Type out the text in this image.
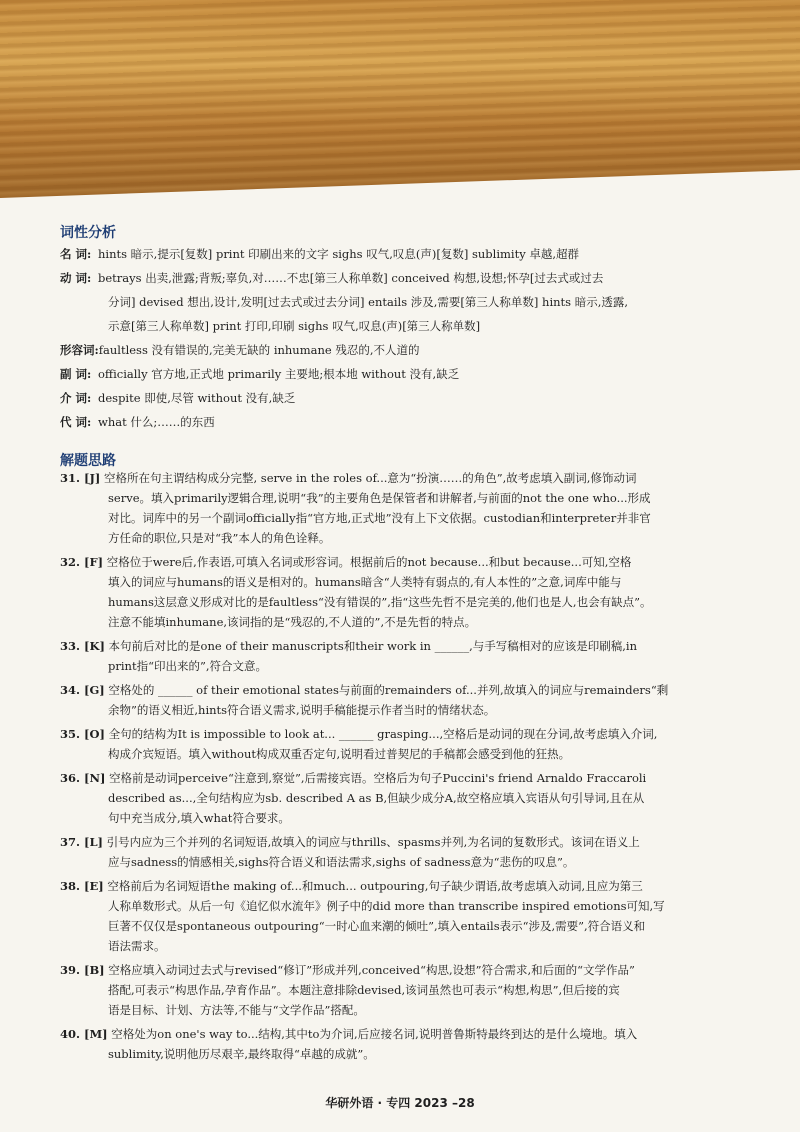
词性分析
名 词: hints 暗示,提示[复数] print 印刷出来的文字 sighs 叹气,叹息(声)[复数] sublimity 卓越,超群
动 词: betrays 出卖,泄露;背叛;辜负,对……不忠[第三人称单数] conceived 构想,设想;怀孕[过去式或过去
分词] devised 想出,设计,发明[过去式或过去分词] entails 涉及,需要[第三人称单数] hints 暗示,透露,
示意[第三人称单数] print 打印,印刷 sighs 叹气,叹息(声)[第三人称单数]
形容词:faultless 没有错误的,完美无缺的 inhumane 残忍的,不人道的
副 词: officially 官方地,正式地 primarily 主要地;根本地 without 没有,缺乏
介 词: despite 即使,尽管 without 没有,缺乏
代 词: what 什么;……的东西
解题思路
31. [J] 空格所在句主谓结构成分完整, serve in the roles of...意为“扮演……的角色”,故考虑填入副词,修饰动词
serve。填入primarily逻辑合理,说明“我”的主要角色是保管者和讲解者,与前面的not the one who...形成
对比。词库中的另一个副词officially指“官方地,正式地”没有上下文依据。custodian和interpreter并非官
方任命的职位,只是对“我”本人的角色诠释。
32. [F] 空格位于were后,作表语,可填入名词或形容词。根据前后的not because...和but because...可知,空格
填入的词应与humans的语义是相对的。humans暗含“人类特有弱点的,有人本性的”之意,词库中能与
humans这层意义形成对比的是faultless“没有错误的”,指“这些先哲不是完美的,他们也是人,也会有缺点”。
注意不能填inhumane,该词指的是“残忍的,不人道的”,不是先哲的特点。
33. [K] 本句前后对比的是one of their manuscripts和their work in ______,与手写稿相对的应该是印刷稿,in
print指“印出来的”,符合文意。
34. [G] 空格处的 ______ of their emotional states与前面的remainders of...并列,故填入的词应与remainders“剩
余物”的语义相近,hints符合语义需求,说明手稿能提示作者当时的情绪状态。
35. [O] 全句的结构为It is impossible to look at... ______ grasping...,空格后是动词的现在分词,故考虑填入介词,
构成介宾短语。填入without构成双重否定句,说明看过普契尼的手稿都会感受到他的狂热。
36. [N] 空格前是动词perceive“注意到,察觉”,后需接宾语。空格后为句子Puccini's friend Arnaldo Fraccaroli
described as...,全句结构应为sb. described A as B,但缺少成分A,故空格应填入宾语从句引导词,且在从
句中充当成分,填入what符合要求。
37. [L] 引号内应为三个并列的名词短语,故填入的词应与thrills、spasms并列,为名词的复数形式。该词在语义上
应与sadness的情感相关,sighs符合语义和语法需求,sighs of sadness意为“悲伤的叹息”。
38. [E] 空格前后为名词短语the making of...和much... outpouring,句子缺少谓语,故考虑填入动词,且应为第三
人称单数形式。从后一句《追忆似水流年》例子中的did more than transcribe inspired emotions可知,写
巨著不仅仅是spontaneous outpouring“一时心血来潮的倾吐”,填入entails表示“涉及,需要”,符合语义和
语法需求。
39. [B] 空格应填入动词过去式与revised“修订”形成并列,conceived“构思,设想”符合需求,和后面的“文学作品”
搭配,可表示“构思作品,孕育作品”。本题注意排除devised,该词虽然也可表示“构想,构思”,但后接的宾
语是目标、计划、方法等,不能与“文学作品”搭配。
40. [M] 空格处为on one's way to...结构,其中to为介词,后应接名词,说明普鲁斯特最终到达的是什么境地。填入
sublimity,说明他历尽艰辛,最终取得“卓越的成就”。
华研外语 · 专四 2023 –28
